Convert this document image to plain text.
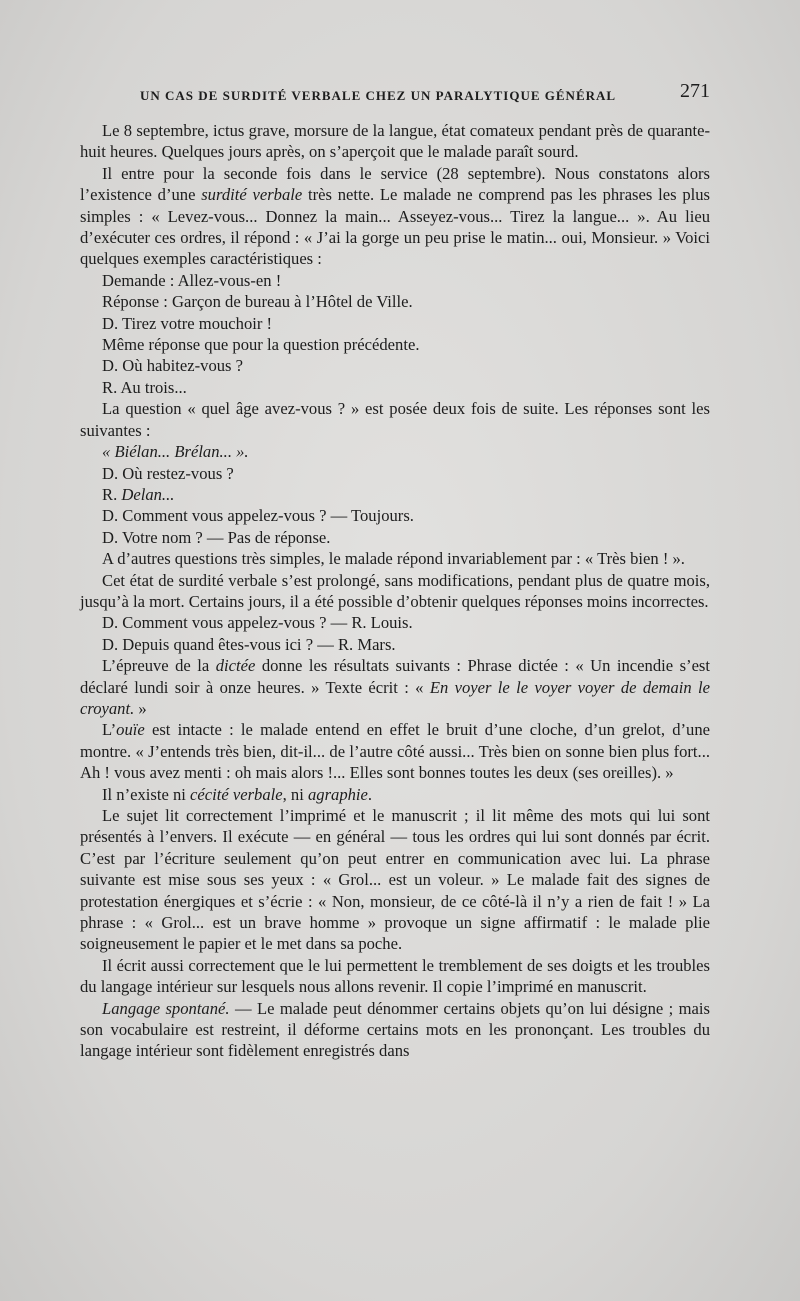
UN CAS DE SURDITÉ VERBALE CHEZ UN PARALYTIQUE GÉNÉRAL	271

Le 8 septembre, ictus grave, morsure de la langue, état comateux pendant près de quarante-huit heures. Quelques jours après, on s’aperçoit que le malade paraît sourd.

Il entre pour la seconde fois dans le service (28 septembre). Nous constatons alors l’existence d’une surdité verbale très nette. Le malade ne comprend pas les phrases les plus simples : « Levez-vous... Donnez la main... Asseyez-vous... Tirez la langue... ». Au lieu d’exécuter ces ordres, il répond : « J’ai la gorge un peu prise le matin... oui, Monsieur. » Voici quelques exemples caractéristiques :

Demande : Allez-vous-en !

Réponse : Garçon de bureau à l’Hôtel de Ville.

D. Tirez votre mouchoir !

Même réponse que pour la question précédente.

D. Où habitez-vous ?

R. Au trois...

La question « quel âge avez-vous ? » est posée deux fois de suite. Les réponses sont les suivantes :

« Biélan... Brélan... ».

D. Où restez-vous ?

R. Delan...

D. Comment vous appelez-vous ? — Toujours.

D. Votre nom ? — Pas de réponse.

A d’autres questions très simples, le malade répond invariablement par : « Très bien ! ».

Cet état de surdité verbale s’est prolongé, sans modifications, pendant plus de quatre mois, jusqu’à la mort. Certains jours, il a été possible d’obtenir quelques réponses moins incorrectes.

D. Comment vous appelez-vous ? — R. Louis.

D. Depuis quand êtes-vous ici ? — R. Mars.

L’épreuve de la dictée donne les résultats suivants : Phrase dictée : « Un incendie s’est déclaré lundi soir à onze heures. » Texte écrit : « En voyer le le voyer voyer de demain le croyant. »

L’ouïe est intacte : le malade entend en effet le bruit d’une cloche, d’un grelot, d’une montre. « J’entends très bien, dit-il... de l’autre côté aussi... Très bien on sonne bien plus fort... Ah ! vous avez menti : oh mais alors !... Elles sont bonnes toutes les deux (ses oreilles). »

Il n’existe ni cécité verbale, ni agraphie.

Le sujet lit correctement l’imprimé et le manuscrit ; il lit même des mots qui lui sont présentés à l’envers. Il exécute — en général — tous les ordres qui lui sont donnés par écrit. C’est par l’écriture seulement qu’on peut entrer en communication avec lui. La phrase suivante est mise sous ses yeux : « Grol... est un voleur. » Le malade fait des signes de protestation énergiques et s’écrie : « Non, monsieur, de ce côté-là il n’y a rien de fait ! » La phrase : « Grol... est un brave homme » provoque un signe affirmatif : le malade plie soigneusement le papier et le met dans sa poche.

Il écrit aussi correctement que le lui permettent le tremblement de ses doigts et les troubles du langage intérieur sur lesquels nous allons revenir. Il copie l’imprimé en manuscrit.

Langage spontané. — Le malade peut dénommer certains objets qu’on lui désigne ; mais son vocabulaire est restreint, il déforme certains mots en les prononçant. Les troubles du langage intérieur sont fidèlement enregistrés dans
